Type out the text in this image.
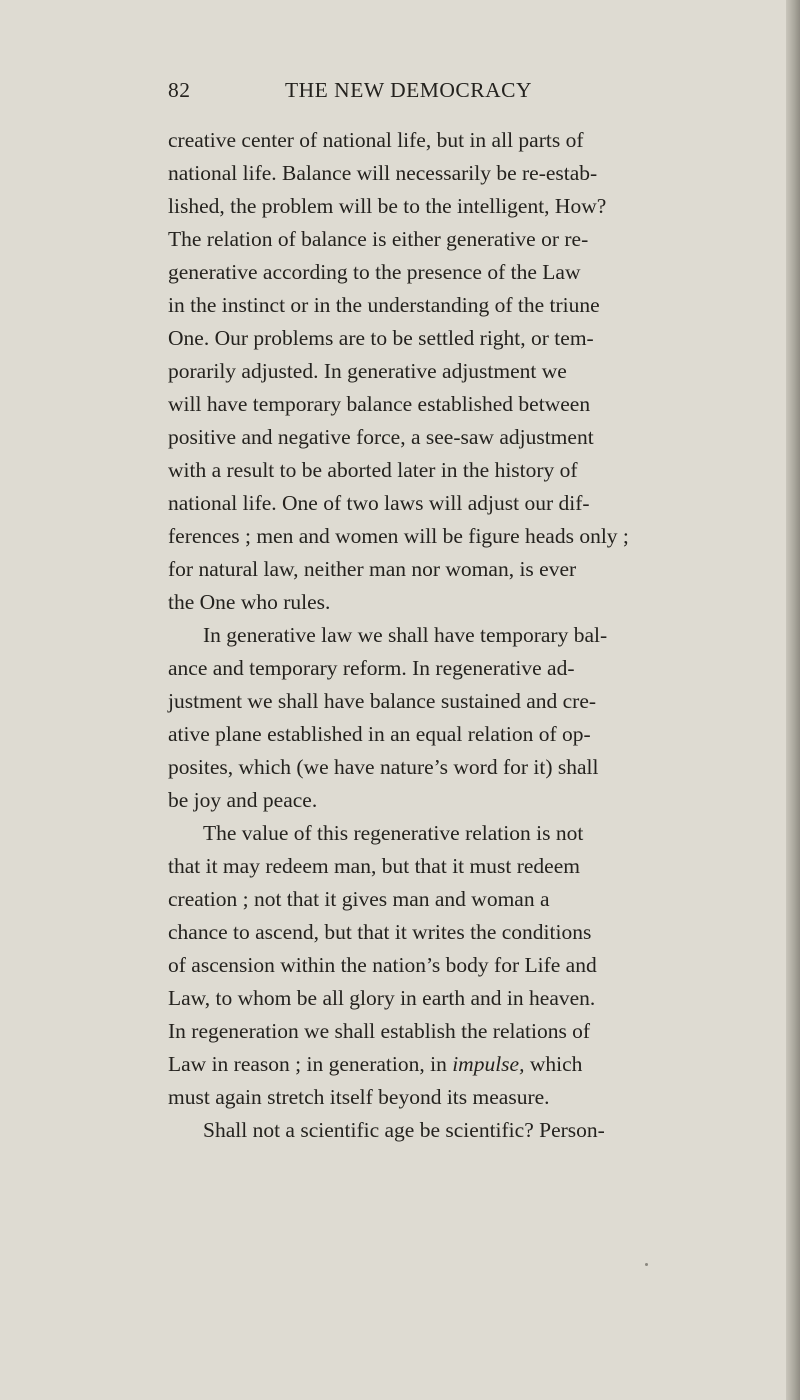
82	THE NEW DEMOCRACY
creative center of national life, but in all parts of
national life. Balance will necessarily be re-estab-
lished, the problem will be to the intelligent, How?
The relation of balance is either generative or re-
generative according to the presence of the Law
in the instinct or in the understanding of the triune
One. Our problems are to be settled right, or tem-
porarily adjusted. In generative adjustment we
will have temporary balance established between
positive and negative force, a see-saw adjustment
with a result to be aborted later in the history of
national life. One of two laws will adjust our dif-
ferences ; men and women will be figure heads only ;
for natural law, neither man nor woman, is ever
the One who rules.
In generative law we shall have temporary bal-
ance and temporary reform. In regenerative ad-
justment we shall have balance sustained and cre-
ative plane established in an equal relation of op-
posites, which (we have nature’s word for it) shall
be joy and peace.
The value of this regenerative relation is not
that it may redeem man, but that it must redeem
creation ; not that it gives man and woman a
chance to ascend, but that it writes the conditions
of ascension within the nation’s body for Life and
Law, to whom be all glory in earth and in heaven.
In regeneration we shall establish the relations of
Law in reason ; in generation, in impulse, which
must again stretch itself beyond its measure.
Shall not a scientific age be scientific? Person-
